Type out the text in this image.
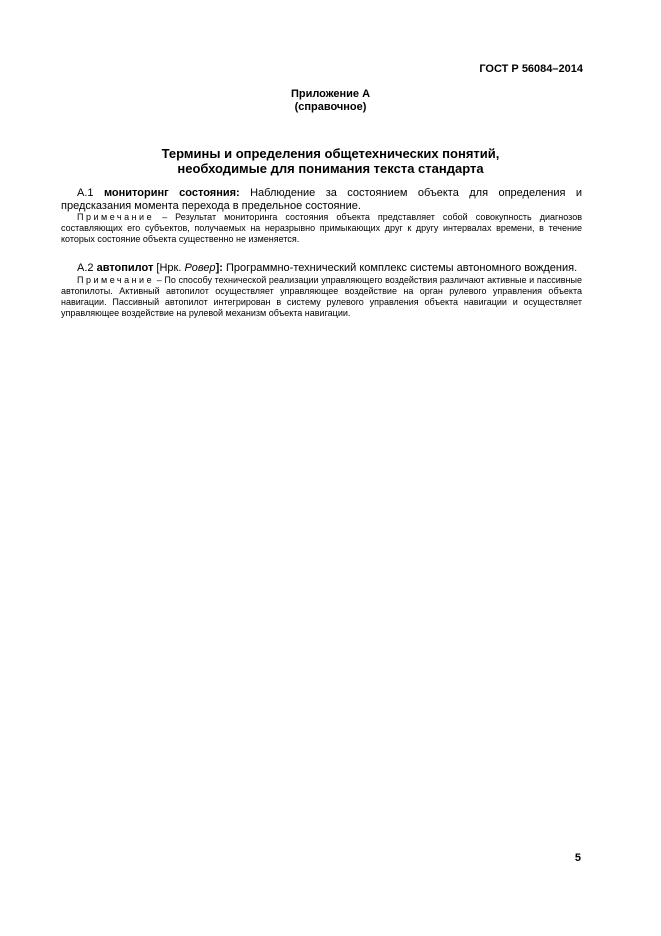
ГОСТ Р 56084–2014
Приложение А
(справочное)
Термины и определения общетехнических понятий,
необходимые для понимания текста стандарта

А.1 мониторинг состояния: Наблюдение за состоянием объекта для определения и предсказания момента перехода в предельное состояние.

Примечание – Результат мониторинга состояния объекта представляет собой совокупность диагнозов составляющих его субъектов, получаемых на неразрывно примыкающих друг к другу интервалах времени, в течение которых состояние объекта существенно не изменяется.

А.2 автопилот [Нрк. Ровер]: Программно-технический комплекс системы автономного вождения.

Примечание – По способу технической реализации управляющего воздействия различают активные и пассивные автопилоты. Активный автопилот осуществляет управляющее воздействие на орган рулевого управления объекта навигации. Пассивный автопилот интегрирован в систему рулевого управления объекта навигации и осуществляет управляющее воздействие на рулевой механизм объекта навигации.

5
